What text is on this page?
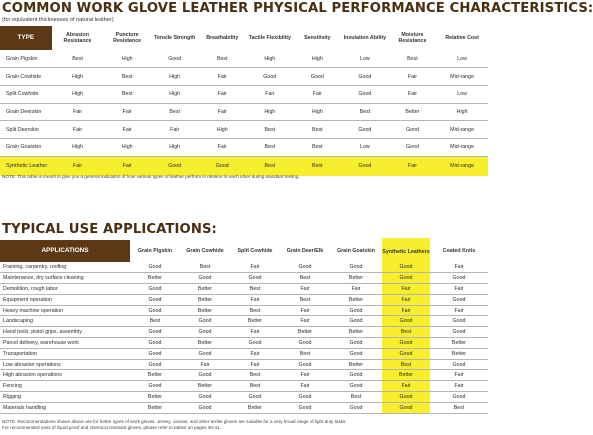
COMMON WORK GLOVE LEATHER PHYSICAL PERFORMANCE CHARACTERISTICS:
(for equivalent thicknesses of natural leather)
TYPE	Abrasion Resistance	Puncture Resistance	Tensile Strength	Breathability	Tactile Flexibility	Sensitivity	Insulation Ability	Moisture Resistance	Relative Cost
Grain Pigskin	Best	High	Good	Best	High	High	Low	Best	Low
Grain Cowhide	High	Best	High	Fair	Good	Good	Good	Fair	Mid-range
Split Cowhide	High	Best	High	Fair	Fair	Fair	Good	Fair	Low
Grain Deerskin	Fair	Fair	Best	Fair	High	High	Best	Better	High
Split Deerskin	Fair	Fair	Fair	High	Best	Best	Good	Good	Mid-range
Grain Goatskin	High	High	High	Fair	Best	Best	Low	Good	Mid-range
Synthetic Leather	Fair	Fair	Good	Good	Best	Best	Good	Fair	Mid-range
NOTE: This table is meant to give you a general indication of how various types of leather perform in relation to each other during standard testing.
TYPICAL USE APPLICATIONS:
APPLICATIONS	Grain Pigskin	Grain Cowhide	Split Cowhide	Grain Deer/Elk	Grain Goatskin	Synthetic Leathers	Coated Knits
Framing, carpentry, roofing	Good	Best	Fair	Good	Good	Good	Fair
Maintenance, dry surface cleaning	Better	Good	Good	Best	Better	Good	Good
Demolition, rough labor	Good	Better	Best	Fair	Fair	Fair	Fair
Equipment operation	Good	Better	Fair	Best	Better	Fair	Good
Heavy machine operation	Good	Better	Best	Fair	Good	Fair	Fair
Landscaping	Best	Good	Better	Fair	Good	Good	Good
Hand tools, pistol grips, assembly	Good	Good	Fair	Better	Better	Best	Good
Parcel delivery, warehouse work	Good	Better	Good	Good	Good	Good	Better
Transportation	Good	Good	Fair	Best	Good	Good	Better
Low abrasion operations	Good	Fair	Fair	Good	Better	Best	Good
High abrasion operations	Better	Good	Best	Fair	Good	Better	Fair
Fencing	Good	Better	Best	Fair	Good	Fair	Fair
Rigging	Better	Good	Good	Good	Best	Good	Good
Materials handling	Better	Good	Better	Good	Good	Good	Best
NOTE: Recommendations shown above are for better types of work gloves. Jersey, canvas, and other textile gloves are suitable for a very broad range of light duty tasks.
For recommended uses of liquid proof and chemical resistant gloves, please refer to tables on pages 40-41.
